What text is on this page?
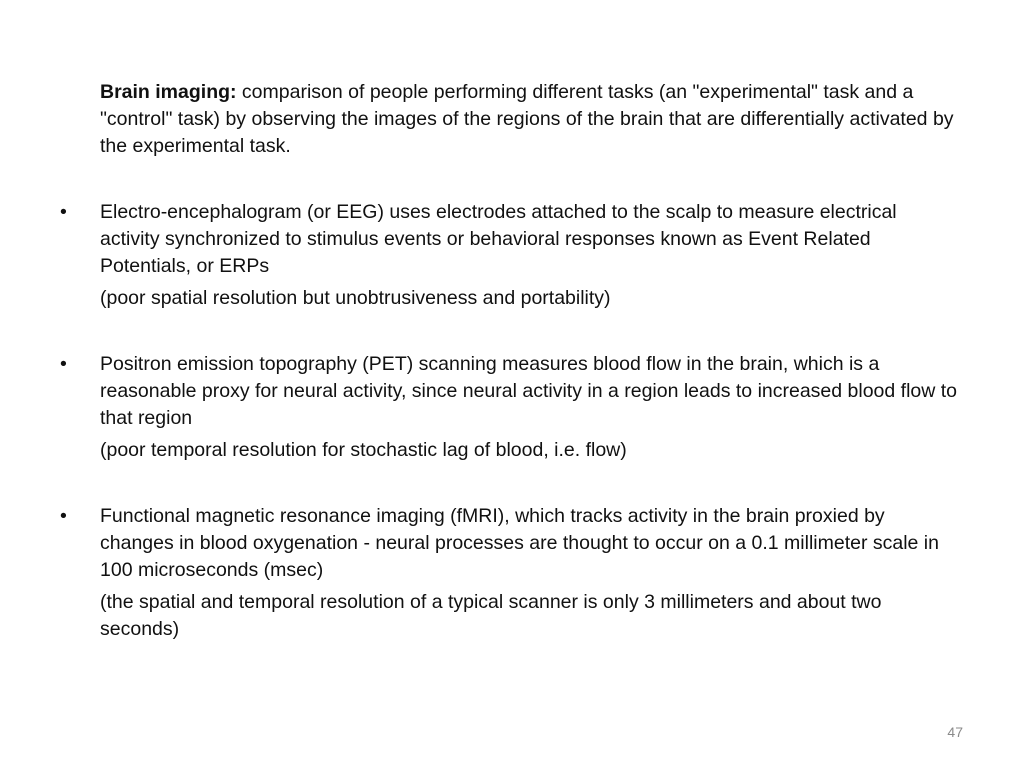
Brain imaging: comparison of people performing different tasks (an "experimental" task and a "control" task) by observing the images of the regions of the brain that are differentially activated by the experimental task.

•	Electro-encephalogram (or EEG) uses electrodes attached to the scalp to measure electrical activity synchronized to stimulus events or behavioral responses known as Event Related Potentials, or ERPs
(poor spatial resolution but unobtrusiveness and portability)
•	Positron emission topography (PET) scanning measures blood flow in the brain, which is a reasonable proxy for neural activity, since neural activity in a region leads to increased blood flow to that region
(poor temporal resolution for stochastic lag of blood, i.e. flow)
•	Functional magnetic resonance imaging (fMRI), which tracks activity in the brain proxied by changes in blood oxygenation - neural processes are thought to occur on a 0.1 millimeter scale in 100 microseconds (msec)
(the spatial and temporal resolution of a typical scanner is only 3 millimeters and about two seconds)
47
